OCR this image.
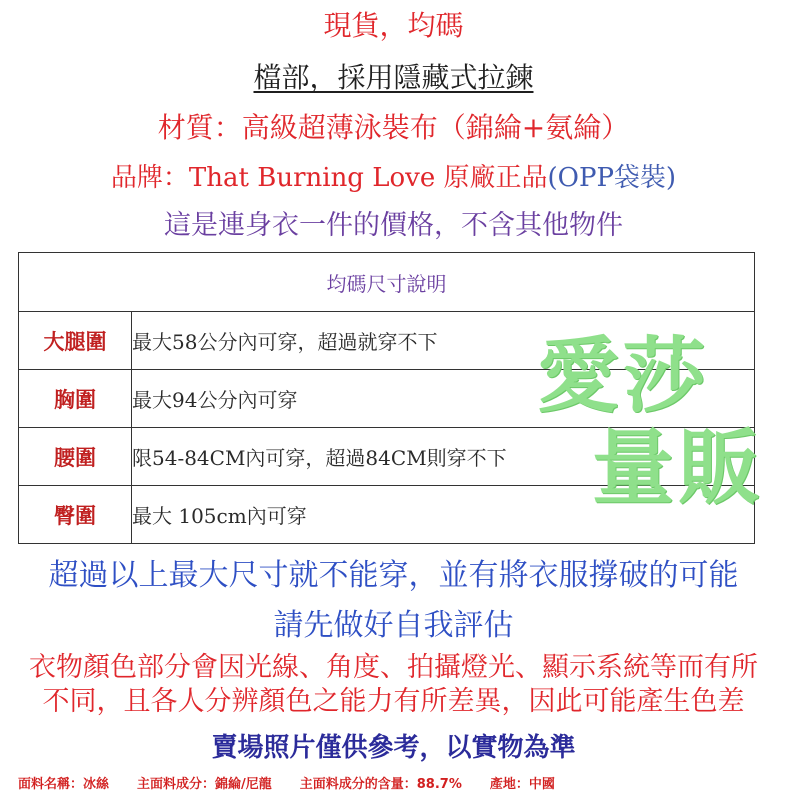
現貨，均碼
檔部，採用隱藏式拉鍊
材質：高級超薄泳裝布（錦綸+氨綸）
品牌：That Burning Love 原廠正品(OPP袋裝)
這是連身衣一件的價格，不含其他物件
均碼尺寸說明	
大腿圍	最大58公分內可穿，超過就穿不下
胸圍	最大94公分內可穿
腰圍	限54-84CM內可穿，超過84CM則穿不下
臀圍	最大 105cm內可穿
愛莎
量販
超過以上最大尺寸就不能穿，並有將衣服撐破的可能
請先做好自我評估
衣物顏色部分會因光線、角度、拍攝燈光、顯示系統等而有所
不同，且各人分辨顏色之能力有所差異，因此可能產生色差
賣場照片僅供參考，以實物為準
面料名稱：冰絲 主面料成分：錦綸/尼龍 主面料成分的含量：88.7% 產地：中國
